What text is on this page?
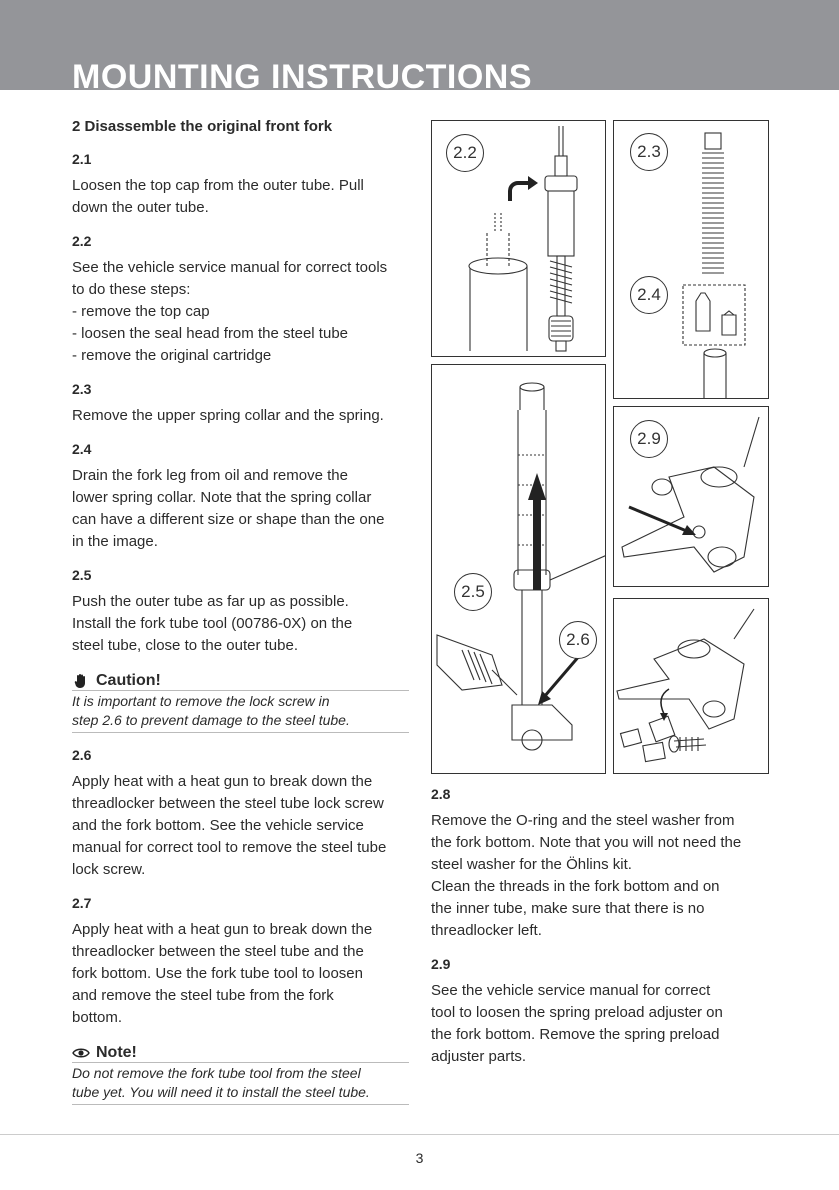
MOUNTING INSTRUCTIONS
2 Disassemble the original front fork
2.1
Loosen the top cap from the outer tube. Pull
down the outer tube.
2.2
See the vehicle service manual for correct tools
to do these steps:
- remove the top cap
- loosen the seal head from the steel tube
- remove the original cartridge
2.3
Remove the upper spring collar and the spring.
2.4
Drain the fork leg from oil and remove the
lower spring collar. Note that the spring collar
can have a different size or shape than the one
in the image.
2.5
Push the outer tube as far up as possible.
Install the fork tube tool (00786-0X) on the
steel tube, close to the outer tube.
Caution!
It is important to remove the lock screw in
step 2.6 to prevent damage to the steel tube.
2.6
Apply heat with a heat gun to break down the
threadlocker between the steel tube lock screw
and the fork bottom. See the vehicle service
manual for correct tool to remove the steel tube
lock screw.
2.7
Apply heat with a heat gun to break down the
threadlocker between the steel tube and the
fork bottom. Use the fork tube tool to loosen
and remove the steel tube from the fork
bottom.
Note!
Do not remove the fork tube tool from the steel
tube yet. You will need it to install the steel tube.
2.2	2.3
2.4
2.5
2.6
2.9
2.8
Remove the O-ring and the steel washer from
the fork bottom. Note that you will not need the
steel washer for the Öhlins kit.
Clean the threads in the fork bottom and on
the inner tube, make sure that there is no
threadlocker left.
2.9
See the vehicle service manual for correct
tool to loosen the spring preload adjuster on
the fork bottom. Remove the spring preload
adjuster parts.
3
